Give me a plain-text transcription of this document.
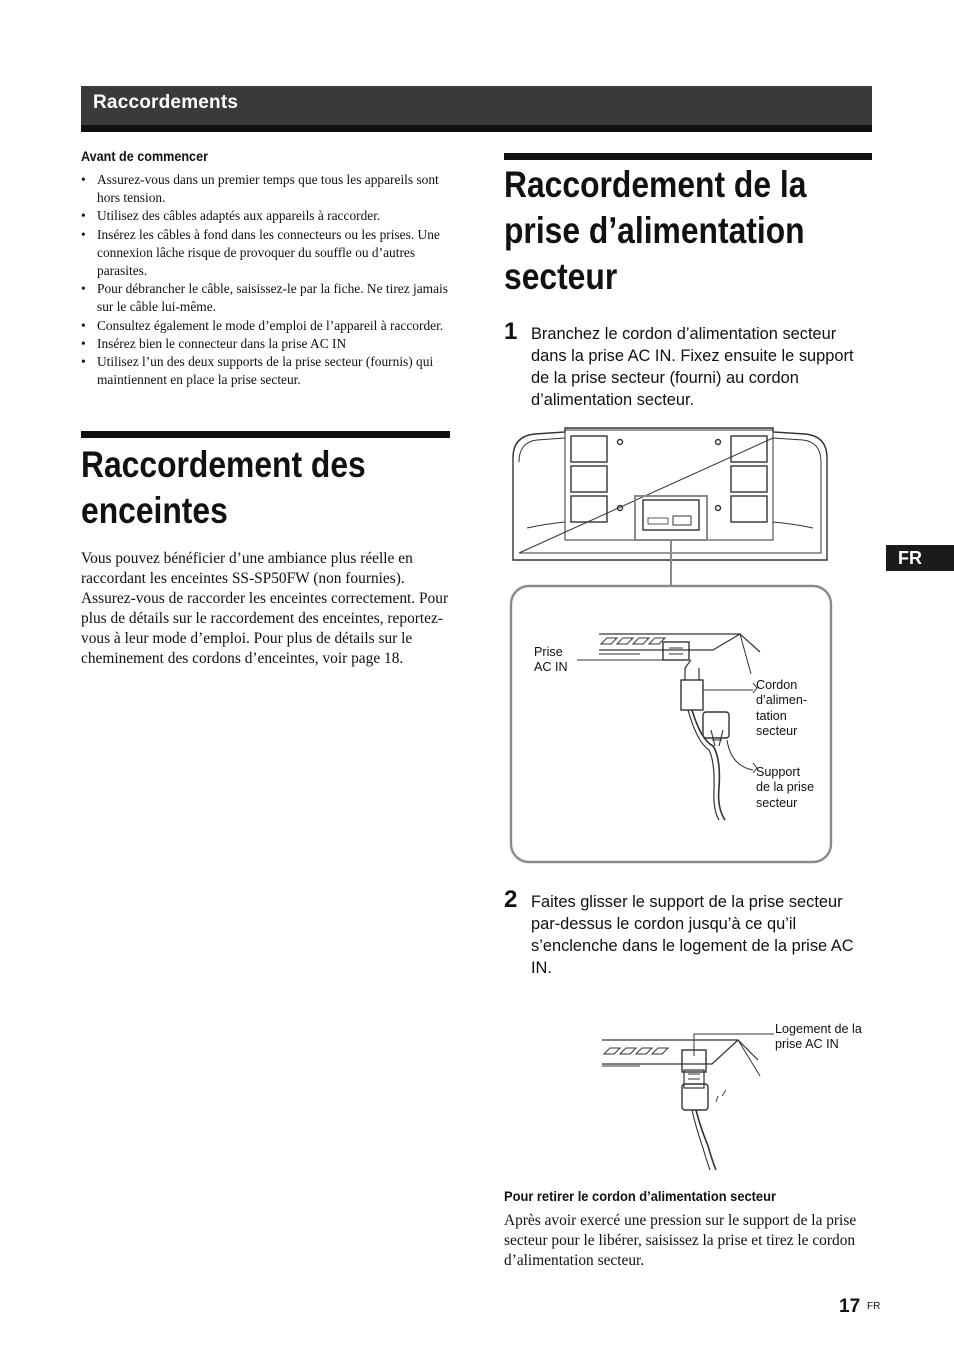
Raccordements
Avant de commencer
• Assurez-vous dans un premier temps que tous les appareils sont hors tension.
• Utilisez des câbles adaptés aux appareils à raccorder.
• Insérez les câbles à fond dans les connecteurs ou les prises. Une connexion lâche risque de provoquer du souffle ou d’autres parasites.
• Pour débrancher le câble, saisissez-le par la fiche. Ne tirez jamais sur le câble lui-même.
• Consultez également le mode d’emploi de l’appareil à raccorder.
• Insérez bien le connecteur dans la prise AC IN
• Utilisez l’un des deux supports de la prise secteur (fournis) qui maintiennent en place la prise secteur.
Raccordement des
enceintes

Vous pouvez bénéficier d’une ambiance plus réelle en raccordant les enceintes SS-SP50FW (non fournies). Assurez-vous de raccorder les enceintes correctement. Pour plus de détails sur le raccordement des enceintes, reportez-vous à leur mode d’emploi. Pour plus de détails sur le cheminement des cordons d’enceintes, voir page 18.

Raccordement de la
prise d’alimentation
secteur
1 Branchez le cordon d’alimentation secteur dans la prise AC IN. Fixez ensuite le support de la prise secteur (fourni) au cordon d’alimentation secteur.

Prise
AC IN
Cordon
d’alimen-
tation
secteur
Support
de la prise
secteur
2 Faites glisser le support de la prise secteur par-dessus le cordon jusqu’à ce qu’il s’enclenche dans le logement de la prise AC IN.

Logement de la
prise AC IN
Pour retirer le cordon d’alimentation secteur

Après avoir exercé une pression sur le support de la prise secteur pour le libérer, saisissez la prise et tirez le cordon d’alimentation secteur.

FR
17 FR
